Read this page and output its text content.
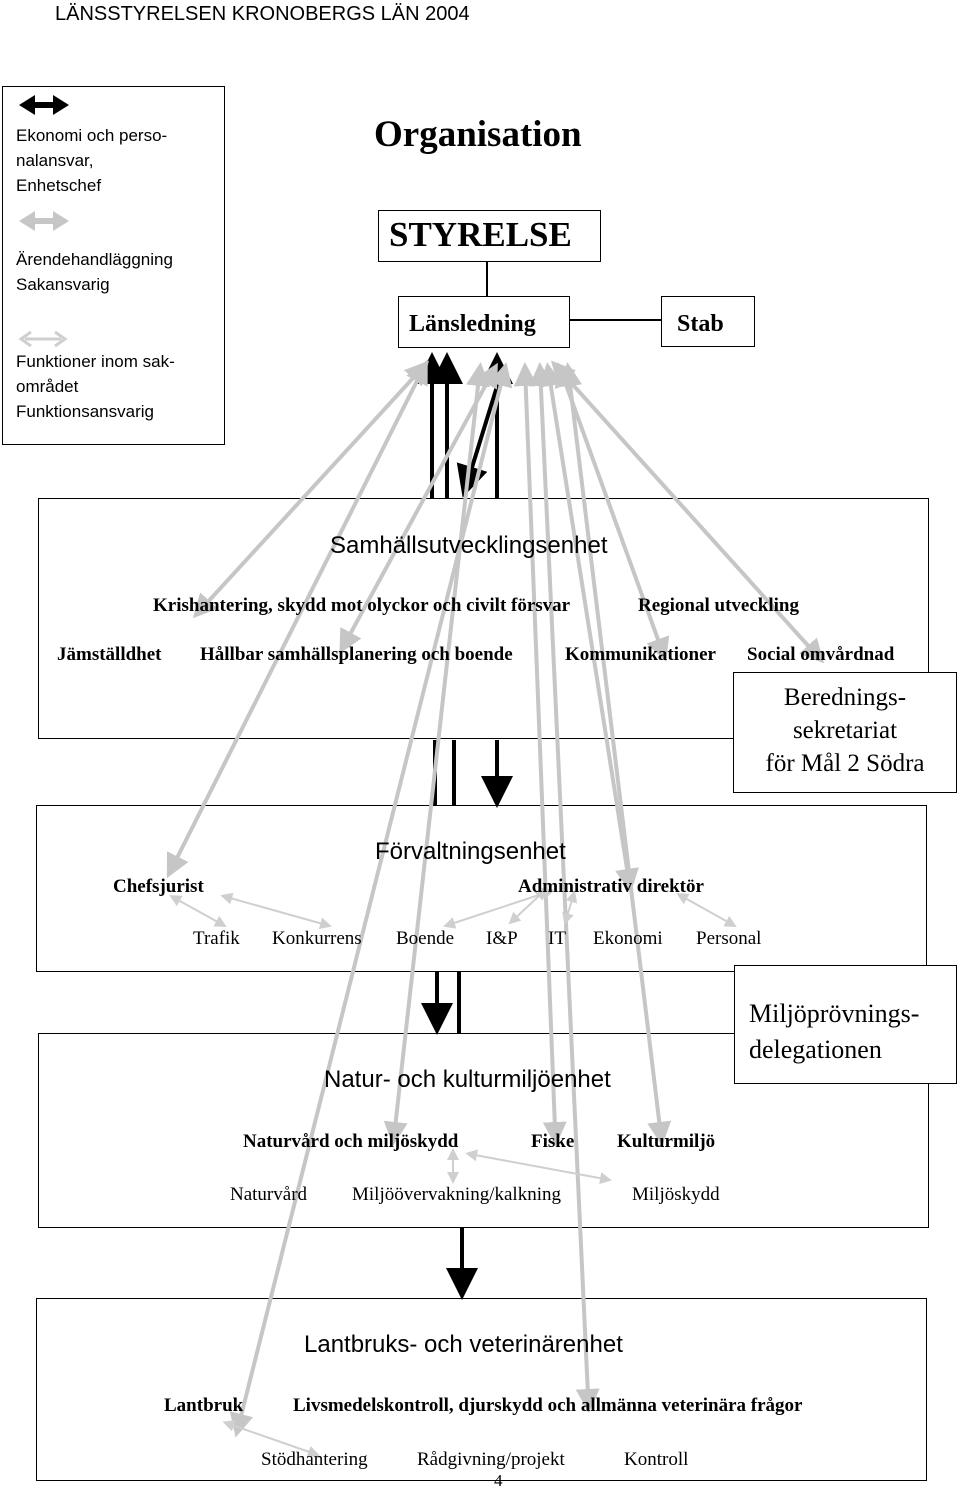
LÄNSSTYRELSEN KRONOBERGS LÄN 2004
Ekonomi och perso-
nalansvar,
Enhetschef
Ärendehandläggning
Sakansvarig
Funktioner inom sak-
området
Funktionsansvarig
Organisation
STYRELSE
Länsledning	Stab
Samhällsutvecklingsenhet
Krishantering, skydd mot olyckor och civilt försvar	Regional utveckling
Jämställdhet Hållbar samhällsplanering och boende	Kommunikationer Social omvårdnad
Berednings-
sekretariat
för Mål 2 Södra
Förvaltningsenhet
Chefsjurist	Administrativ direktör
Trafik Konkurrens Boende I&P IT Ekonomi Personal
Miljöprövnings-
delegationen
Natur- och kulturmiljöenhet
Naturvård och miljöskydd	Fiske Kulturmiljö
Naturvård Miljöövervakning/kalkning	Miljöskydd
Lantbruks- och veterinärenhet
Lantbruk	Livsmedelskontroll, djurskydd och allmänna veterinära frågor
Stödhantering	Rådgivning/projekt	Kontroll
4
